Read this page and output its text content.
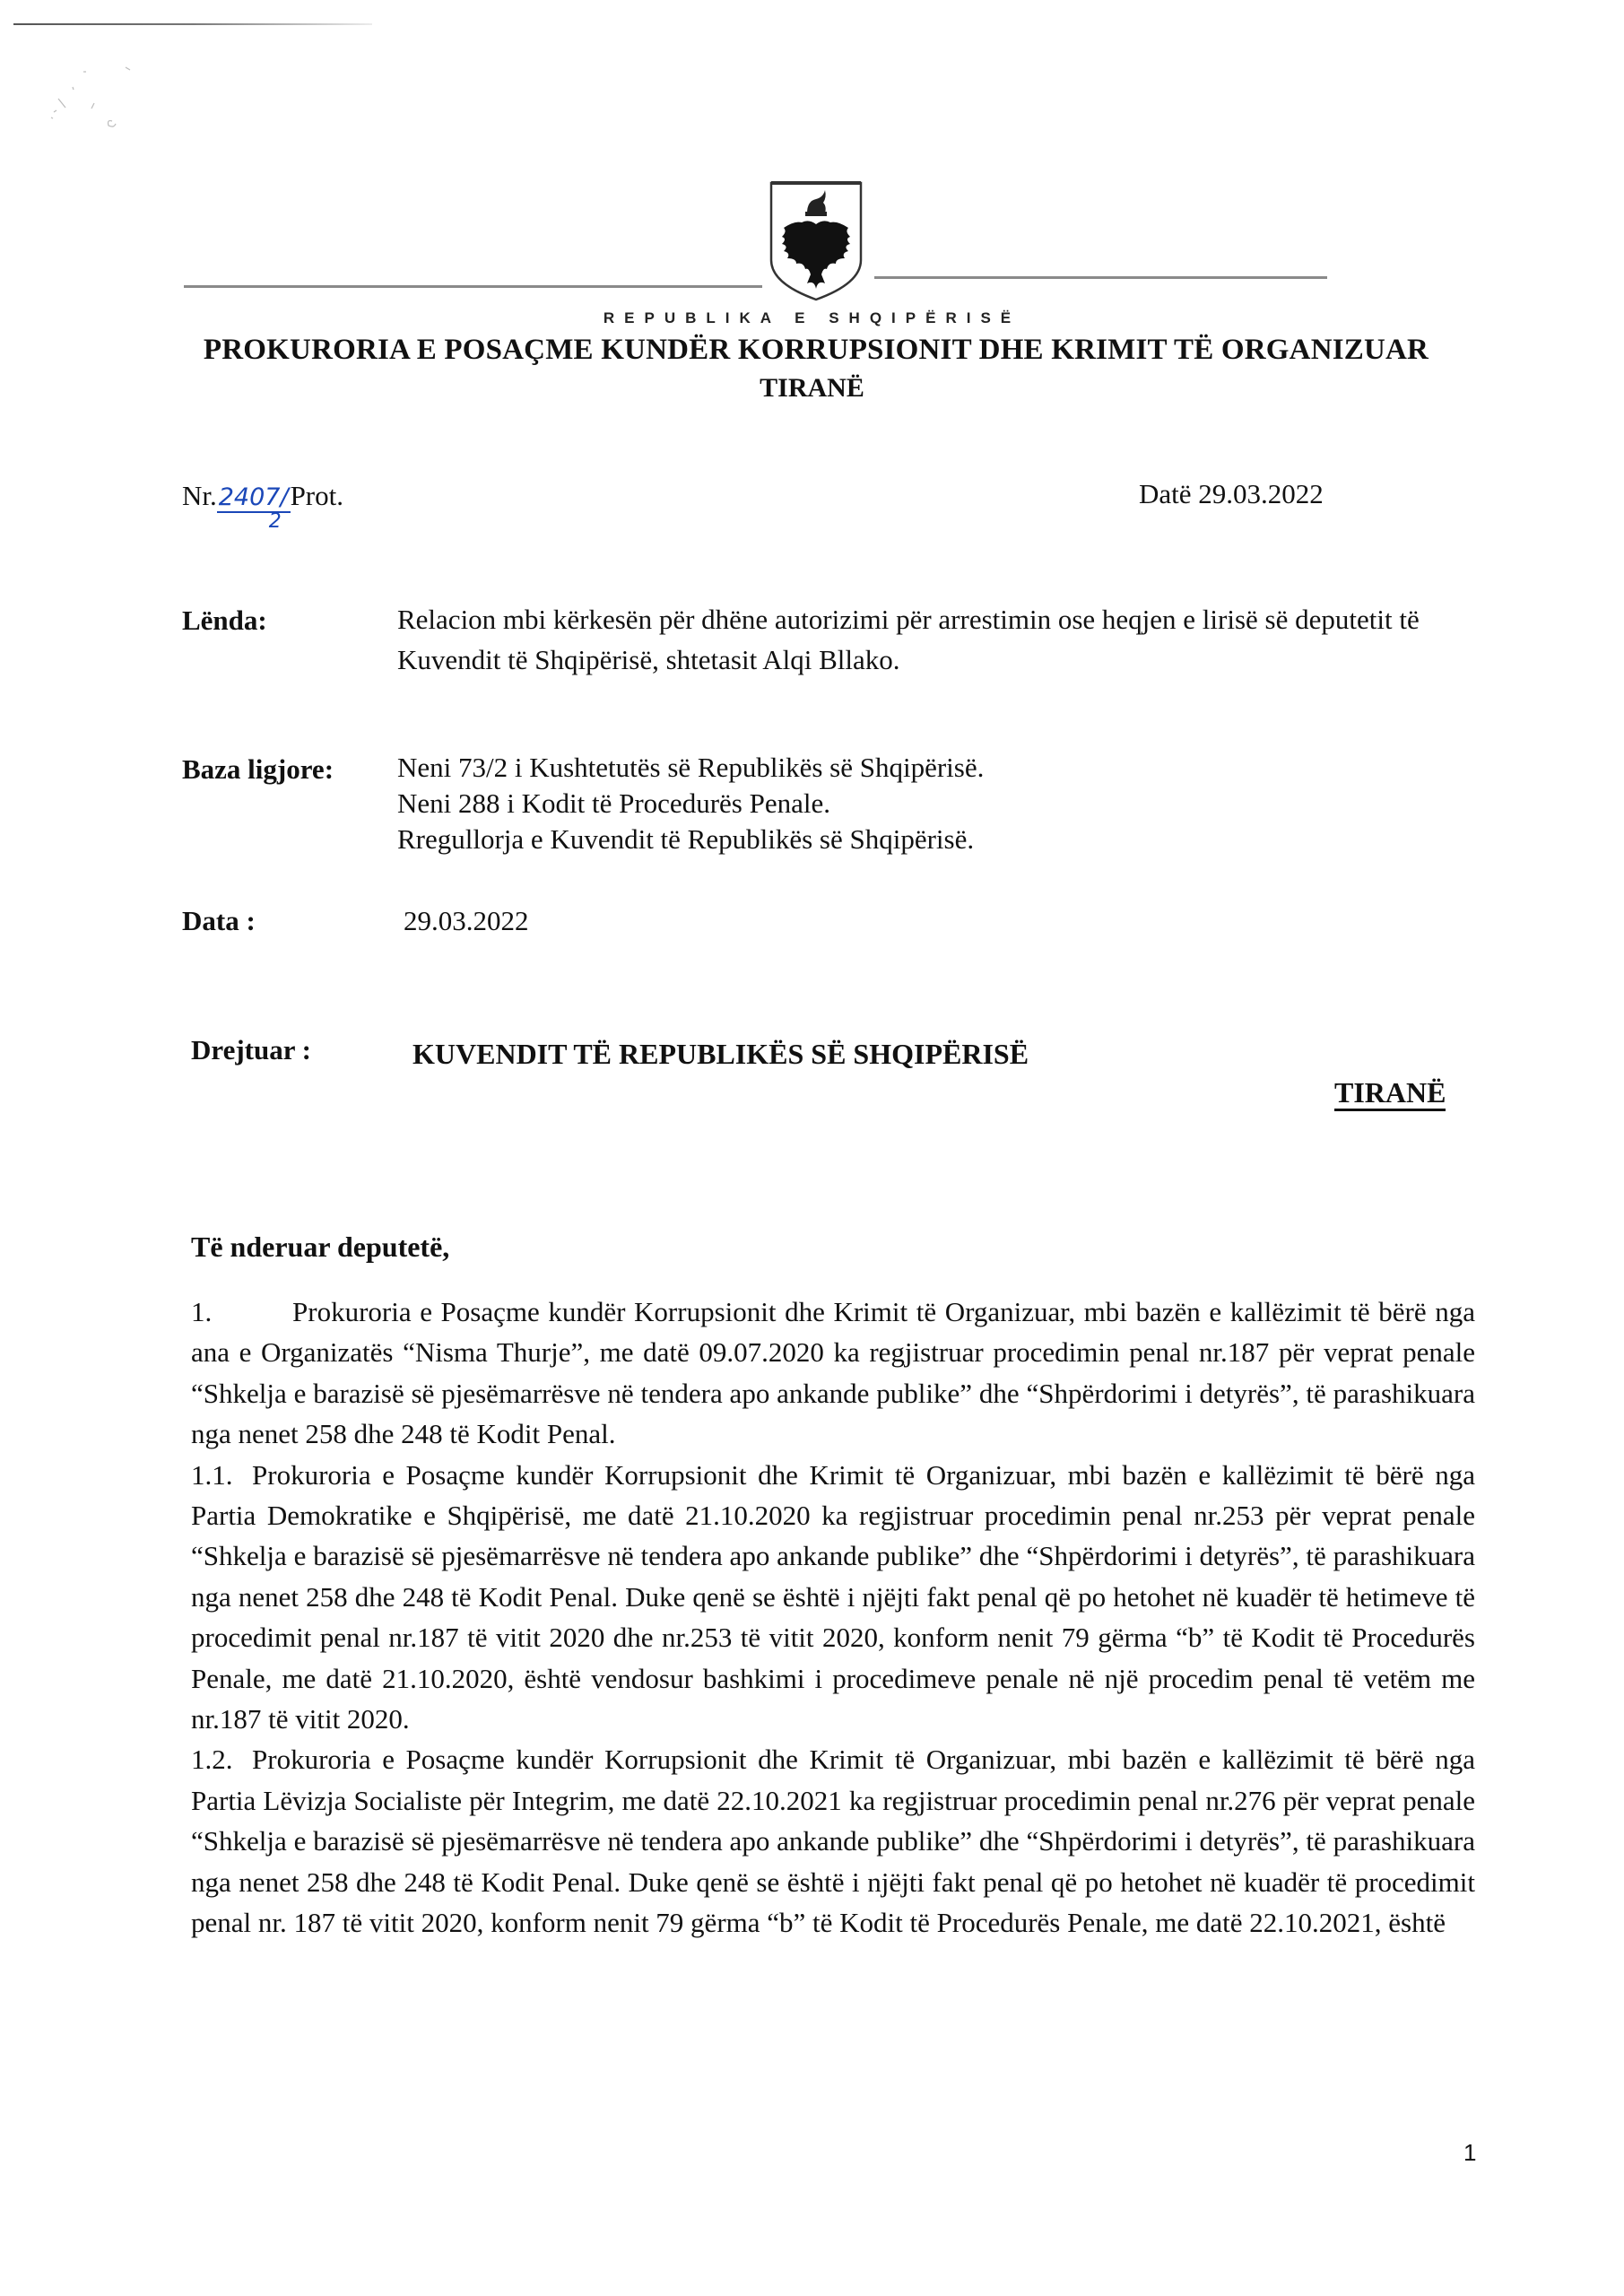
REPUBLIKA E SHQIPËRISË
PROKURORIA E POSAÇME KUNDËR KORRUPSIONIT DHE KRIMIT TË ORGANIZUAR
TIRANË
Nr.2407/
2
Prot.	Datë 29.03.2022
Lënda:	Relacion mbi kërkesën për dhëne autorizimi për arrestimin ose heqjen e lirisë së deputetit të Kuvendit të Shqipërisë, shtetasit Alqi Bllako.
Baza ligjore: Neni 73/2 i Kushtetutës së Republikës së Shqipërisë.
Neni 288 i Kodit të Procedurës Penale.
Rregullorja e Kuvendit të Republikës së Shqipërisë.
Data :	29.03.2022
Drejtuar :	KUVENDIT TË REPUBLIKËS SË SHQIPËRISË
TIRANË
Të nderuar deputetë,

1.	Prokuroria e Posaçme kundër Korrupsionit dhe Krimit të Organizuar, mbi bazën e kallëzimit të bërë nga ana e Organizatës “Nisma Thurje”, me datë 09.07.2020 ka regjistruar procedimin penal nr.187 për veprat penale “Shkelja e barazisë së pjesëmarrësve në tendera apo ankande publike” dhe “Shpërdorimi i detyrës”, të parashikuara nga nenet 258 dhe 248 të Kodit Penal.

1.1. Prokuroria e Posaçme kundër Korrupsionit dhe Krimit të Organizuar, mbi bazën e kallëzimit të bërë nga Partia Demokratike e Shqipërisë, me datë 21.10.2020 ka regjistruar procedimin penal nr.253 për veprat penale “Shkelja e barazisë së pjesëmarrësve në tendera apo ankande publike” dhe “Shpërdorimi i detyrës”, të parashikuara nga nenet 258 dhe 248 të Kodit Penal. Duke qenë se është i njëjti fakt penal që po hetohet në kuadër të hetimeve të procedimit penal nr.187 të vitit 2020 dhe nr.253 të vitit 2020, konform nenit 79 gërma “b” të Kodit të Procedurës Penale, me datë 21.10.2020, është vendosur bashkimi i procedimeve penale në një procedim penal të vetëm me nr.187 të vitit 2020.

1.2. Prokuroria e Posaçme kundër Korrupsionit dhe Krimit të Organizuar, mbi bazën e kallëzimit të bërë nga Partia Lëvizja Socialiste për Integrim, me datë 22.10.2021 ka regjistruar procedimin penal nr.276 për veprat penale “Shkelja e barazisë së pjesëmarrësve në tendera apo ankande publike” dhe “Shpërdorimi i detyrës”, të parashikuara nga nenet 258 dhe 248 të Kodit Penal. Duke qenë se është i njëjti fakt penal që po hetohet në kuadër të procedimit penal nr. 187 të vitit 2020, konform nenit 79 gërma “b” të Kodit të Procedurës Penale, me datë 22.10.2021, është

1
